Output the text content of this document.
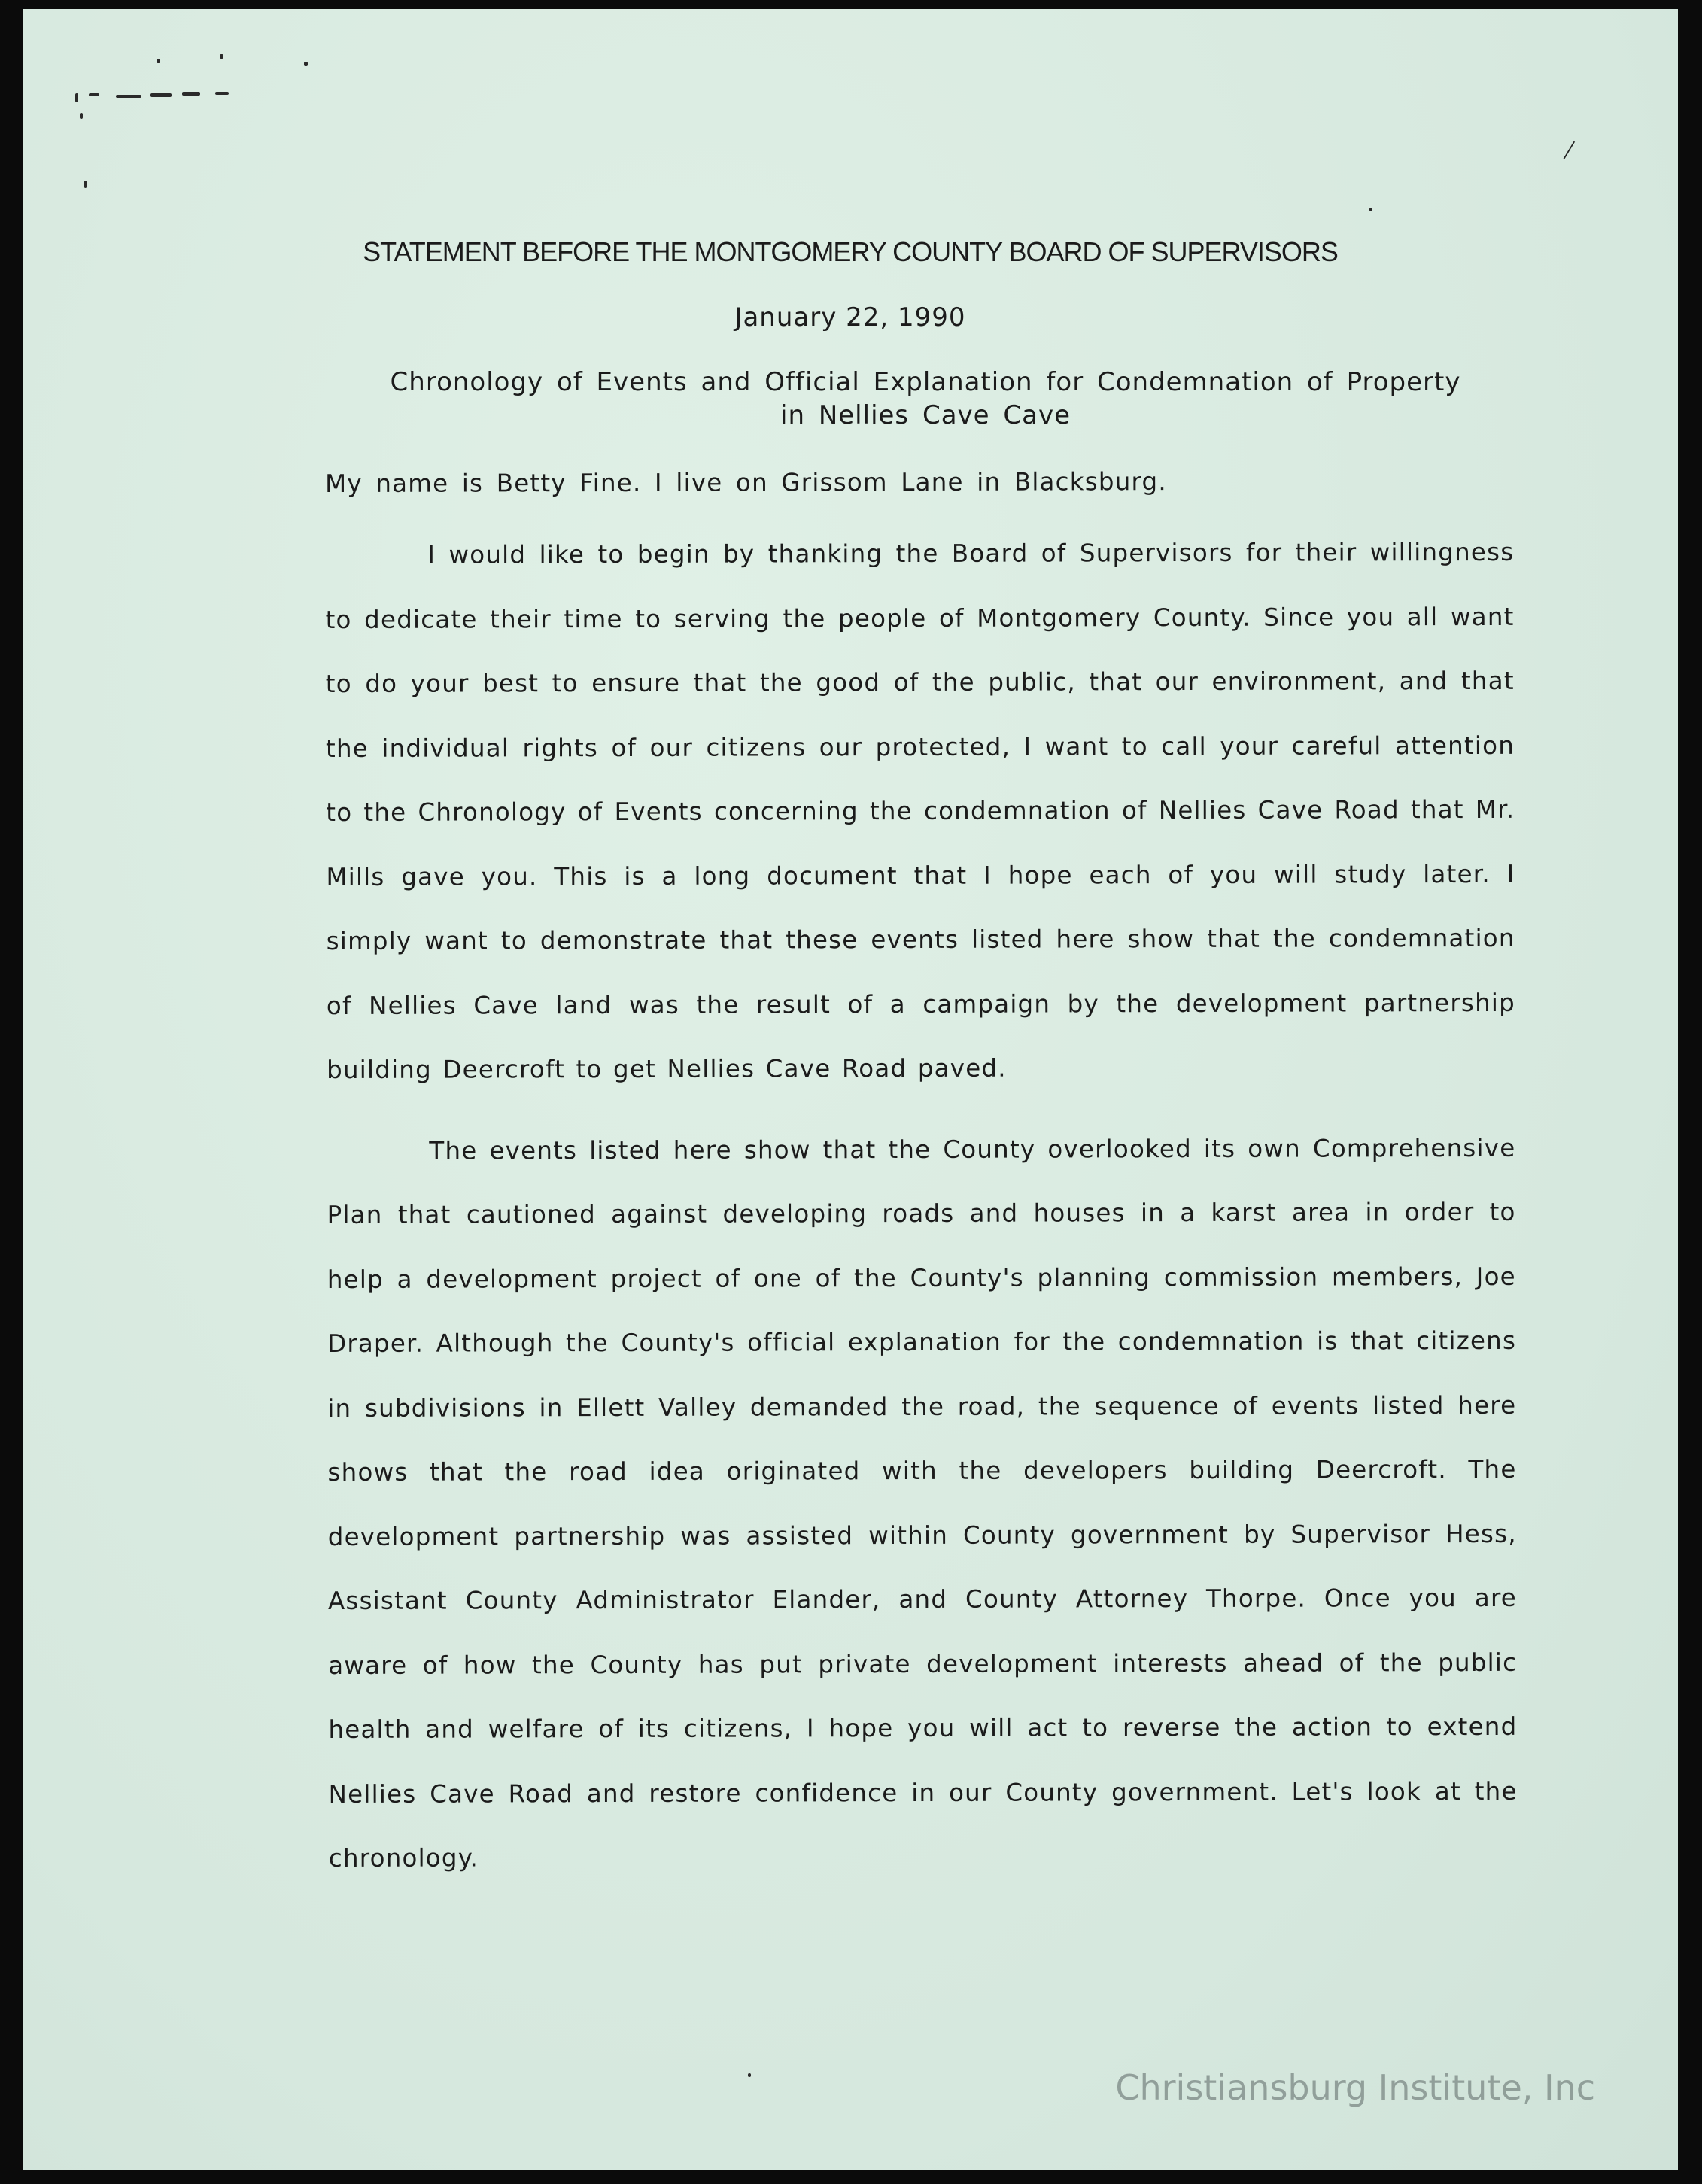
/
STATEMENT BEFORE THE MONTGOMERY COUNTY BOARD OF SUPERVISORS
January 22, 1990
Chronology of Events and Official Explanation for Condemnation of Property
in Nellies Cave Cave

My name is Betty Fine. I live on Grissom Lane in Blacksburg.

I would like to begin by thanking the Board of Supervisors for their willingness to dedicate their time to serving the people of Montgomery County. Since you all want to do your best to ensure that the good of the public, that our environment, and that the individual rights of our citizens our protected, I want to call your careful attention to the Chronology of Events concerning the condemnation of Nellies Cave Road that Mr. Mills gave you. This is a long document that I hope each of you will study later. I simply want to demonstrate that these events listed here show that the condemnation of Nellies Cave land was the result of a campaign by the development partnership building Deercroft to get Nellies Cave Road paved.

The events listed here show that the County overlooked its own Comprehensive Plan that cautioned against developing roads and houses in a karst area in order to help a development project of one of the County's planning commission members, Joe Draper. Although the County's official explanation for the condemnation is that citizens in subdivisions in Ellett Valley demanded the road, the sequence of events listed here shows that the road idea originated with the developers building Deercroft. The development partnership was assisted within County government by Supervisor Hess, Assistant County Administrator Elander, and County Attorney Thorpe. Once you are aware of how the County has put private development interests ahead of the public health and welfare of its citizens, I hope you will act to reverse the action to extend Nellies Cave Road and restore confidence in our County government. Let's look at the chronology.

Christiansburg Institute, Inc
